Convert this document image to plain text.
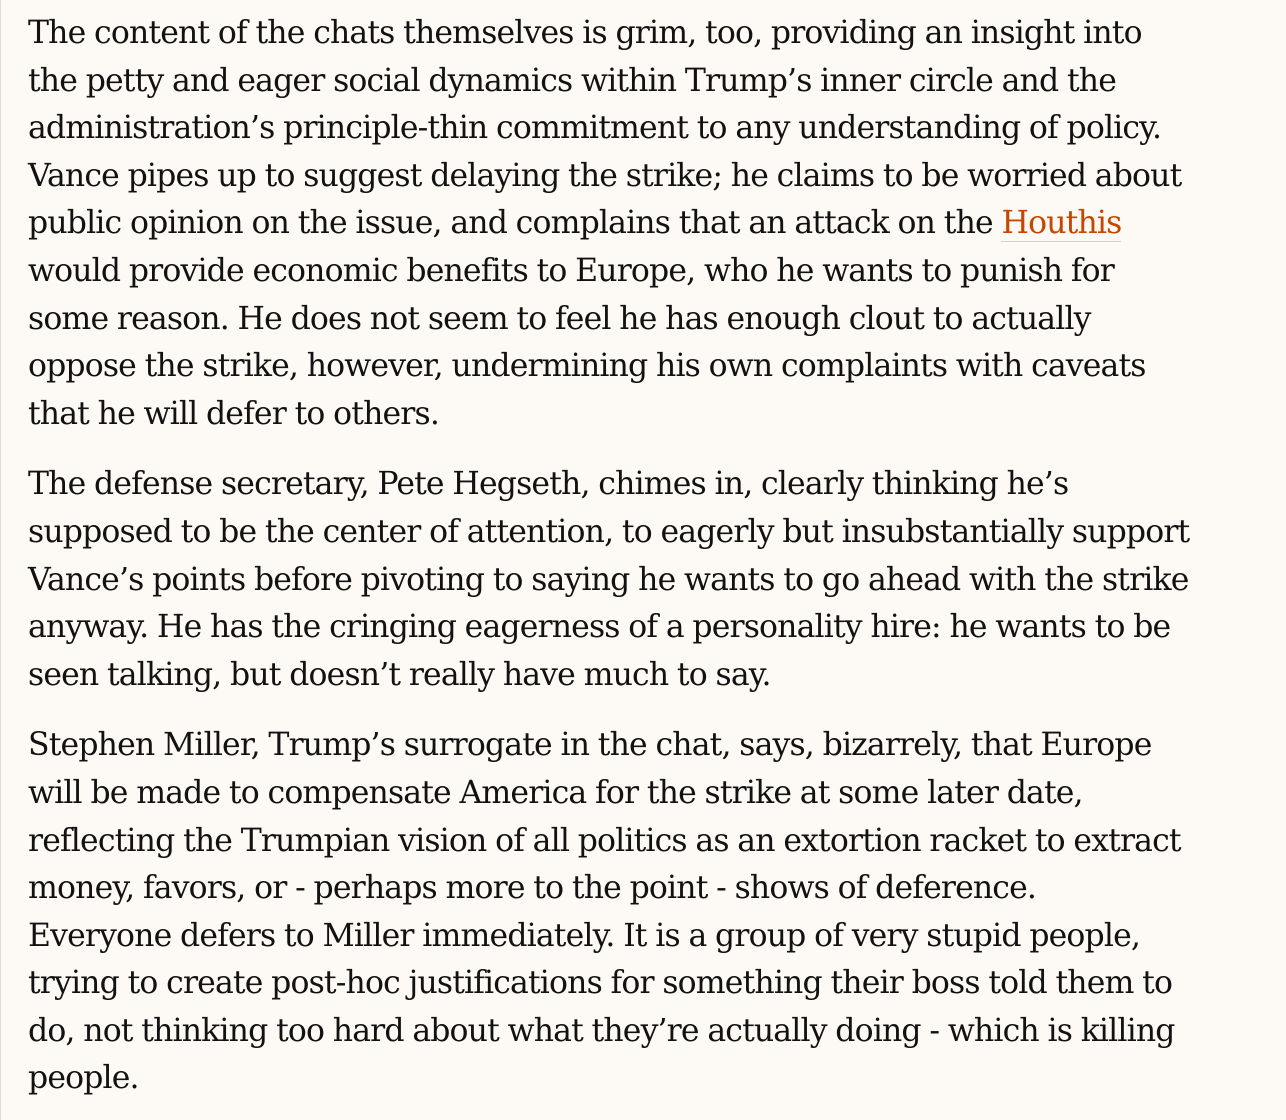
The content of the chats themselves is grim, too, providing an insight into
the petty and eager social dynamics within Trump’s inner circle and the
administration’s principle-thin commitment to any understanding of policy.
Vance pipes up to suggest delaying the strike; he claims to be worried about
public opinion on the issue, and complains that an attack on the Houthis
would provide economic benefits to Europe, who he wants to punish for
some reason. He does not seem to feel he has enough clout to actually
oppose the strike, however, undermining his own complaints with caveats
that he will defer to others.

The defense secretary, Pete Hegseth, chimes in, clearly thinking he’s
supposed to be the center of attention, to eagerly but insubstantially support
Vance’s points before pivoting to saying he wants to go ahead with the strike
anyway. He has the cringing eagerness of a personality hire: he wants to be
seen talking, but doesn’t really have much to say.

Stephen Miller, Trump’s surrogate in the chat, says, bizarrely, that Europe
will be made to compensate America for the strike at some later date,
reflecting the Trumpian vision of all politics as an extortion racket to extract
money, favors, or - perhaps more to the point - shows of deference.
Everyone defers to Miller immediately. It is a group of very stupid people,
trying to create post-hoc justifications for something their boss told them to
do, not thinking too hard about what they’re actually doing - which is killing
people.
